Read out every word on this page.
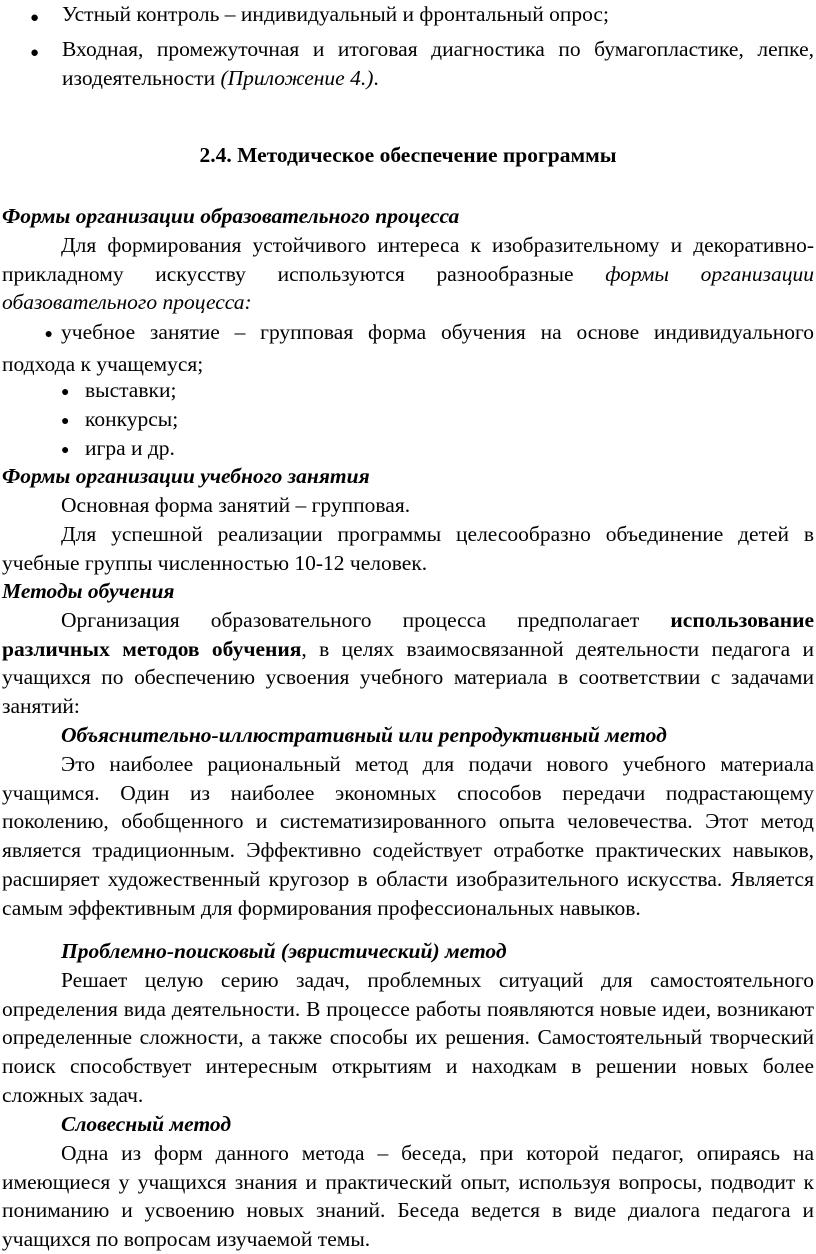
● Устный контроль – индивидуальный и фронтальный опрос;
● Входная, промежуточная и итоговая диагностика по бумагопластике, лепке, изодеятельности (Приложение 4.).
2.4. Методическое обеспечение программы
Формы организации образовательного процесса
Для формирования устойчивого интереса к изобразительному и декоративно-прикладному искусству используются разнообразные формы организации обазовательного процесса:
● учебное занятие – групповая форма обучения на основе индивидуального подхода к учащемуся;
● выставки;
● конкурсы;
● игра и др.
Формы организации учебного занятия
Основная форма занятий – групповая.
Для успешной реализации программы целесообразно объединение детей в учебные группы численностью 10-12 человек.
Методы обучения
Организация образовательного процесса предполагает использование различных методов обучения, в целях взаимосвязанной деятельности педагога и учащихся по обеспечению усвоения учебного материала в соответствии с задачами занятий:
Объяснительно-иллюстративный или репродуктивный метод
Это наиболее рациональный метод для подачи нового учебного материала учащимся. Один из наиболее экономных способов передачи подрастающему поколению, обобщенного и систематизированного опыта человечества. Этот метод является традиционным. Эффективно содействует отработке практических навыков, расширяет художественный кругозор в области изобразительного искусства. Является самым эффективным для формирования профессиональных навыков.
Проблемно-поисковый (эвристический) метод
Решает целую серию задач, проблемных ситуаций для самостоятельного определения вида деятельности. В процессе работы появляются новые идеи, возникают определенные сложности, а также способы их решения. Самостоятельный творческий поиск способствует интересным открытиям и находкам в решении новых более сложных задач.
Словесный метод
Одна из форм данного метода – беседа, при которой педагог, опираясь на имеющиеся у учащихся знания и практический опыт, используя вопросы, подводит к пониманию и усвоению новых знаний. Беседа ведется в виде диалога педагога и учащихся по вопросам изучаемой темы.
